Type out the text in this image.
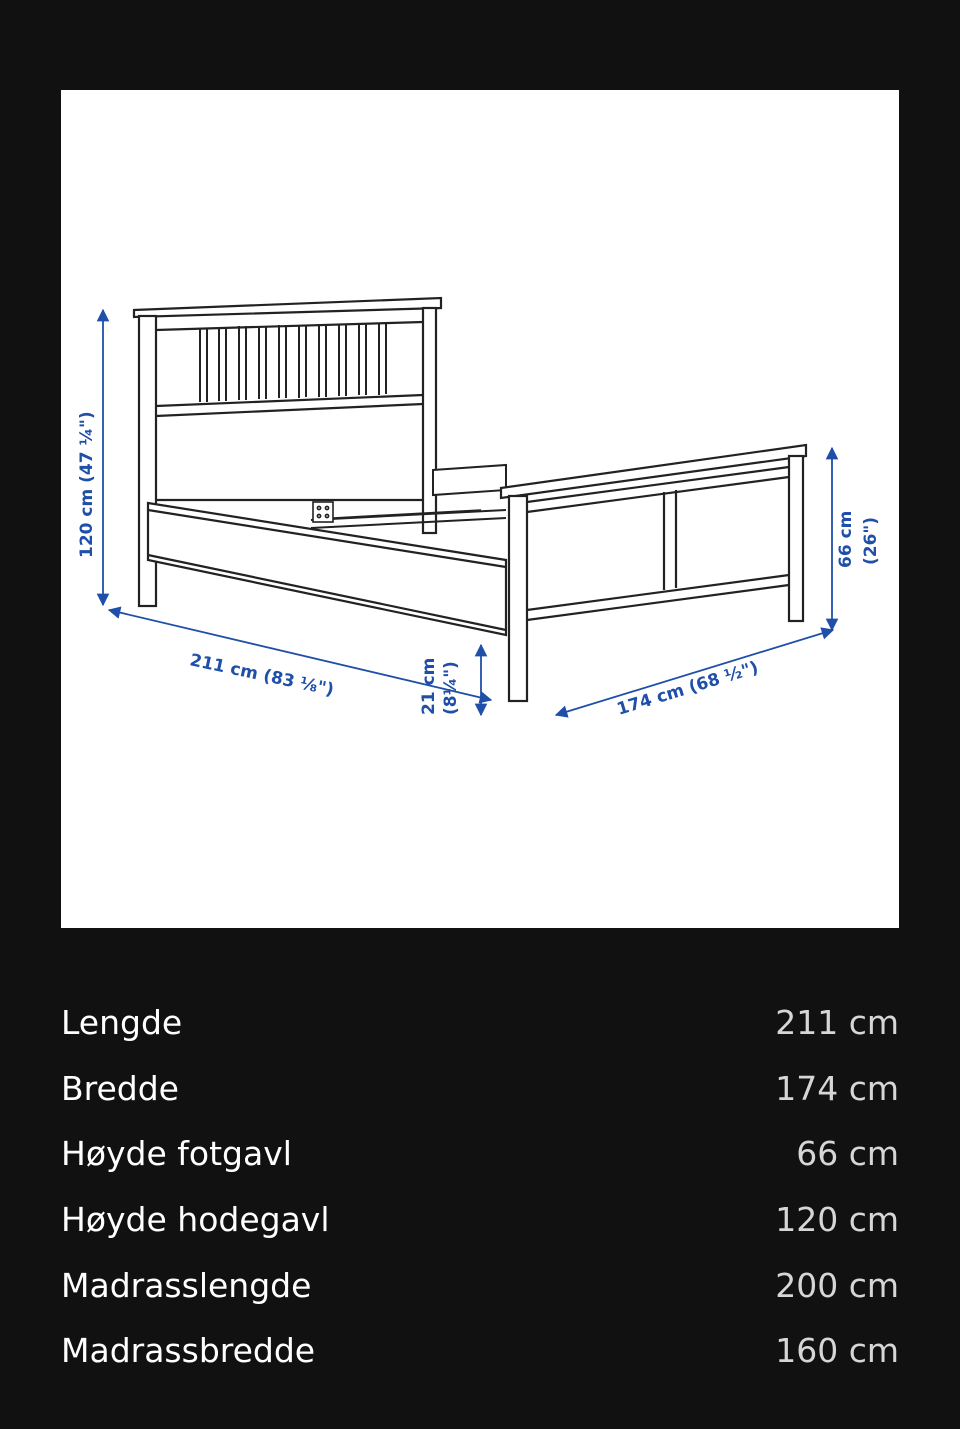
120 cm (47 ¼")
211 cm (83 ⅛")	21 cm (8¼")	174 cm (68 ½")
66 cm (26")
Lengde	211 cm
Bredde	174 cm
Høyde fotgavl	66 cm
Høyde hodegavl	120 cm
Madrasslengde	200 cm
Madrassbredde	160 cm
